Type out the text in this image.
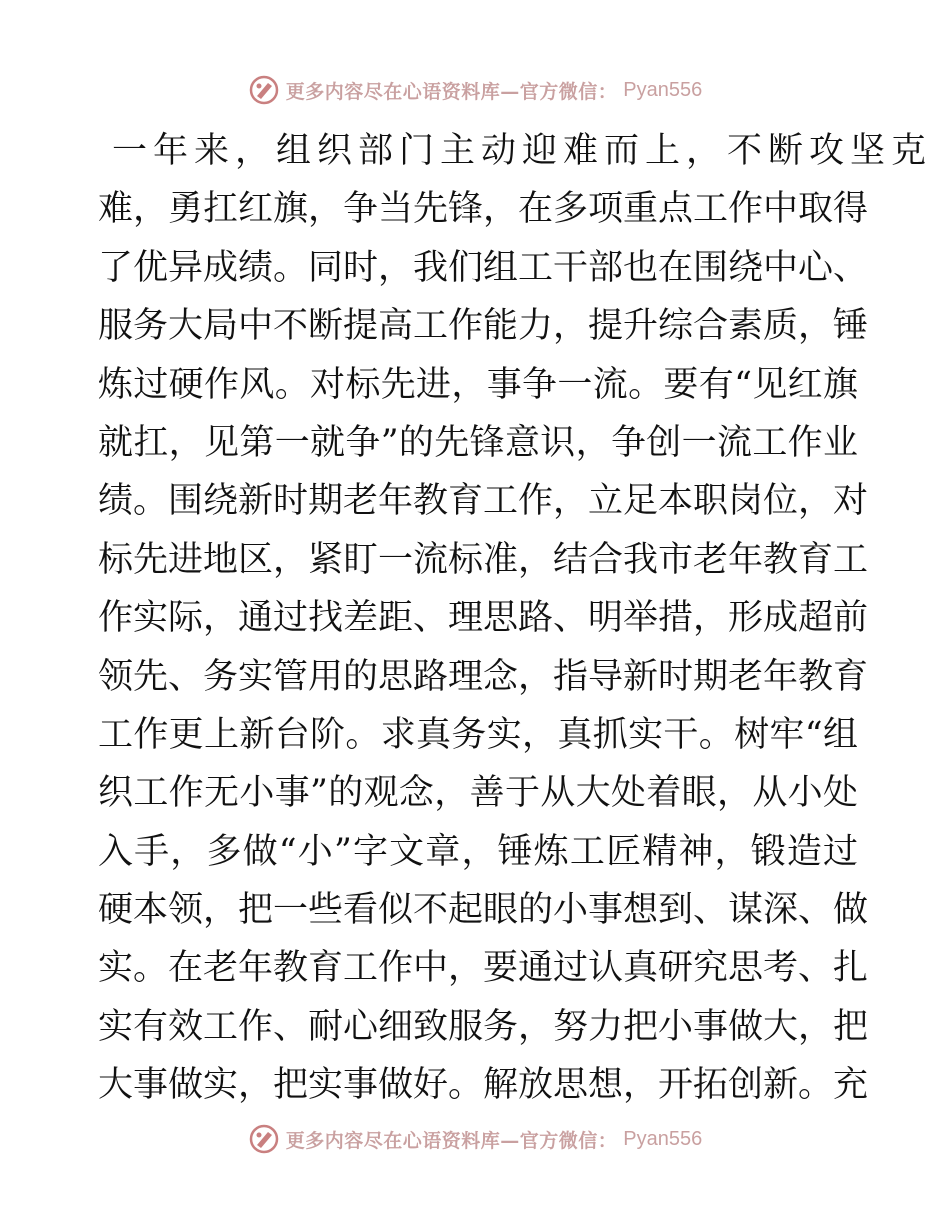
更多内容尽在心语资料库—官方微信： Pyan556
一年来，组织部门主动迎难而上，不断攻坚克
难，勇扛红旗，争当先锋，在多项重点工作中取得
了优异成绩。同时，我们组工干部也在围绕中心、
服务大局中不断提高工作能力，提升综合素质，锤
炼过硬作风。对标先进，事争一流。要有“见红旗
就扛，见第一就争”的先锋意识，争创一流工作业
绩。围绕新时期老年教育工作，立足本职岗位，对
标先进地区，紧盯一流标准，结合我市老年教育工
作实际，通过找差距、理思路、明举措，形成超前
领先、务实管用的思路理念，指导新时期老年教育
工作更上新台阶。求真务实，真抓实干。树牢“组
织工作无小事”的观念，善于从大处着眼，从小处
入手，多做“小”字文章，锤炼工匠精神，锻造过
硬本领，把一些看似不起眼的小事想到、谋深、做
实。在老年教育工作中，要通过认真研究思考、扎
实有效工作、耐心细致服务，努力把小事做大，把
大事做实，把实事做好。解放思想，开拓创新。充
更多内容尽在心语资料库—官方微信： Pyan556
